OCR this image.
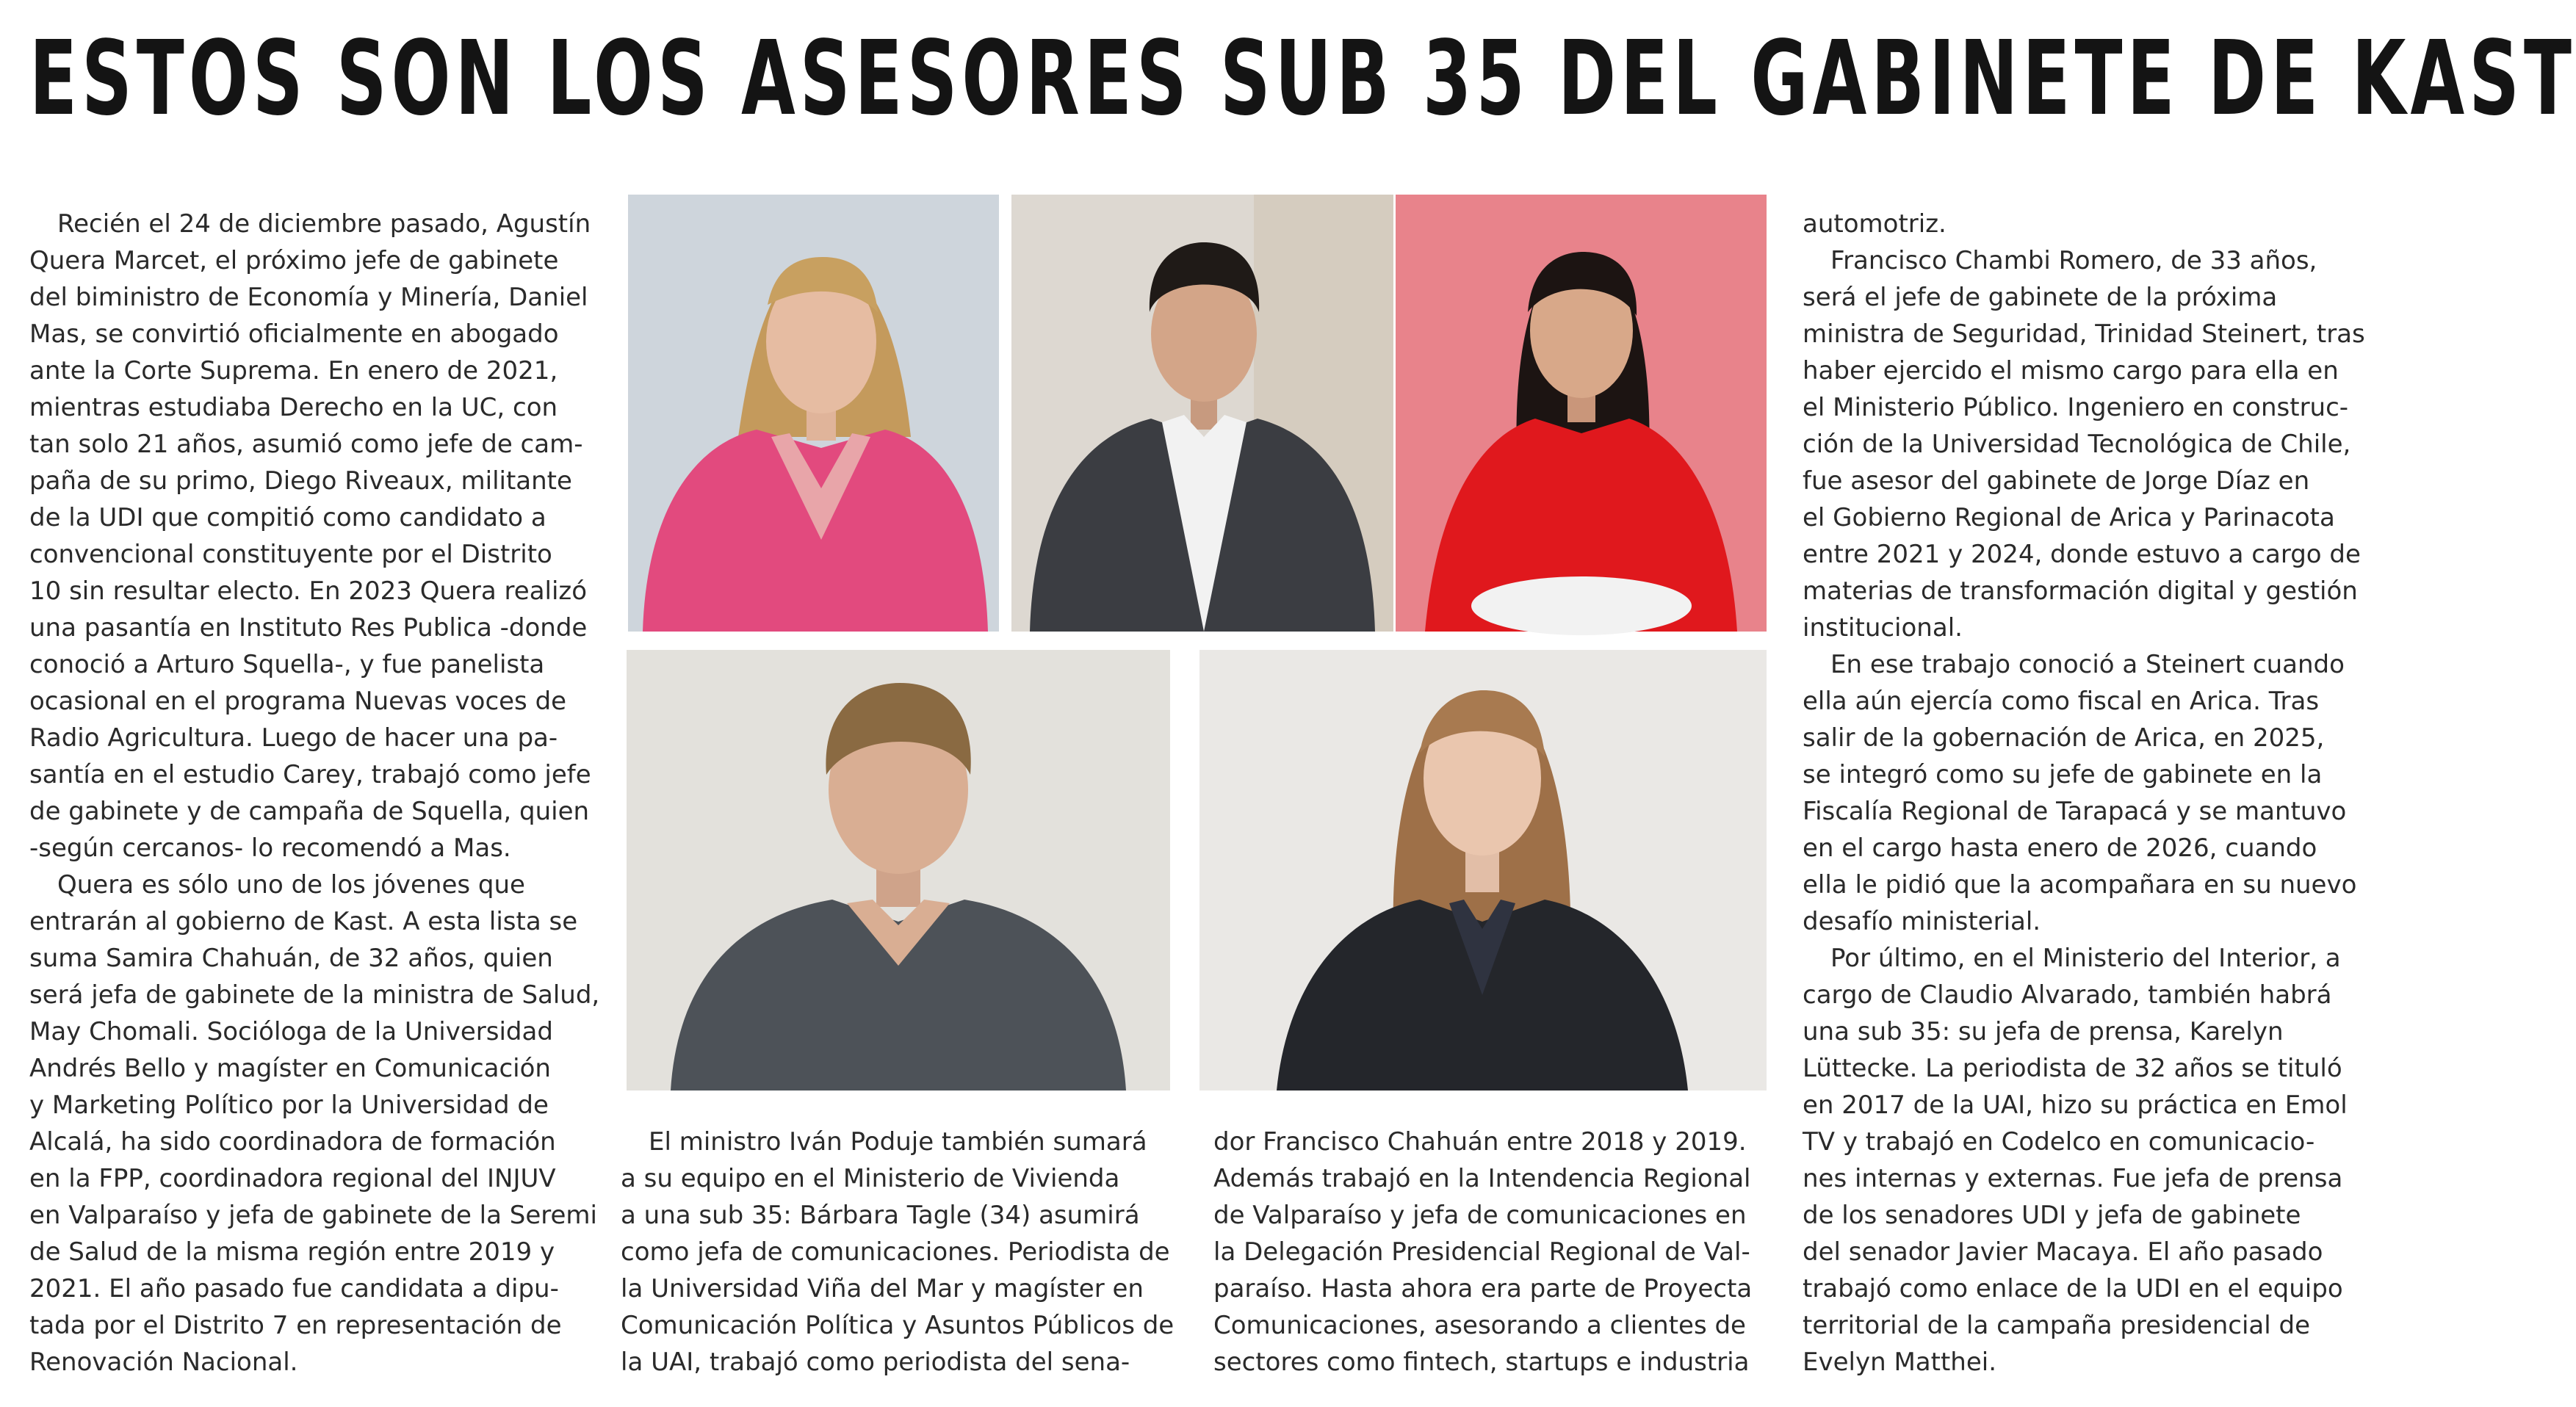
ESTOS SON LOS ASESORES SUB 35 DEL GABINETE DE KAST

Recién el 24 de diciembre pasado, Agustín

Quera Marcet, el próximo jefe de gabinete

del biministro de Economía y Minería, Daniel

Mas, se convirtió oficialmente en abogado

ante la Corte Suprema. En enero de 2021,

mientras estudiaba Derecho en la UC, con

tan solo 21 años, asumió como jefe de cam-

paña de su primo, Diego Riveaux, militante

de la UDI que compitió como candidato a

convencional constituyente por el Distrito

10 sin resultar electo. En 2023 Quera realizó

una pasantía en Instituto Res Publica -donde

conoció a Arturo Squella-, y fue panelista

ocasional en el programa Nuevas voces de

Radio Agricultura. Luego de hacer una pa-

santía en el estudio Carey, trabajó como jefe

de gabinete y de campaña de Squella, quien

-según cercanos- lo recomendó a Mas.

Quera es sólo uno de los jóvenes que

entrarán al gobierno de Kast. A esta lista se

suma Samira Chahuán, de 32 años, quien

será jefa de gabinete de la ministra de Salud,

May Chomali. Socióloga de la Universidad

Andrés Bello y magíster en Comunicación

y Marketing Político por la Universidad de

Alcalá, ha sido coordinadora de formación

en la FPP, coordinadora regional del INJUV

en Valparaíso y jefa de gabinete de la Seremi

de Salud de la misma región entre 2019 y

2021. El año pasado fue candidata a dipu-

tada por el Distrito 7 en representación de

Renovación Nacional.

El ministro Iván Poduje también sumará

a su equipo en el Ministerio de Vivienda

a una sub 35: Bárbara Tagle (34) asumirá

como jefa de comunicaciones. Periodista de

la Universidad Viña del Mar y magíster en

Comunicación Política y Asuntos Públicos de

la UAI, trabajó como periodista del sena-

dor Francisco Chahuán entre 2018 y 2019.

Además trabajó en la Intendencia Regional

de Valparaíso y jefa de comunicaciones en

la Delegación Presidencial Regional de Val-

paraíso. Hasta ahora era parte de Proyecta

Comunicaciones, asesorando a clientes de

sectores como fintech, startups e industria

automotriz.

Francisco Chambi Romero, de 33 años,

será el jefe de gabinete de la próxima

ministra de Seguridad, Trinidad Steinert, tras

haber ejercido el mismo cargo para ella en

el Ministerio Público. Ingeniero en construc-

ción de la Universidad Tecnológica de Chile,

fue asesor del gabinete de Jorge Díaz en

el Gobierno Regional de Arica y Parinacota

entre 2021 y 2024, donde estuvo a cargo de

materias de transformación digital y gestión

institucional.

En ese trabajo conoció a Steinert cuando

ella aún ejercía como fiscal en Arica. Tras

salir de la gobernación de Arica, en 2025,

se integró como su jefe de gabinete en la

Fiscalía Regional de Tarapacá y se mantuvo

en el cargo hasta enero de 2026, cuando

ella le pidió que la acompañara en su nuevo

desafío ministerial.

Por último, en el Ministerio del Interior, a

cargo de Claudio Alvarado, también habrá

una sub 35: su jefa de prensa, Karelyn

Lüttecke. La periodista de 32 años se tituló

en 2017 de la UAI, hizo su práctica en Emol

TV y trabajó en Codelco en comunicacio-

nes internas y externas. Fue jefa de prensa

de los senadores UDI y jefa de gabinete

del senador Javier Macaya. El año pasado

trabajó como enlace de la UDI en el equipo

territorial de la campaña presidencial de

Evelyn Matthei.
